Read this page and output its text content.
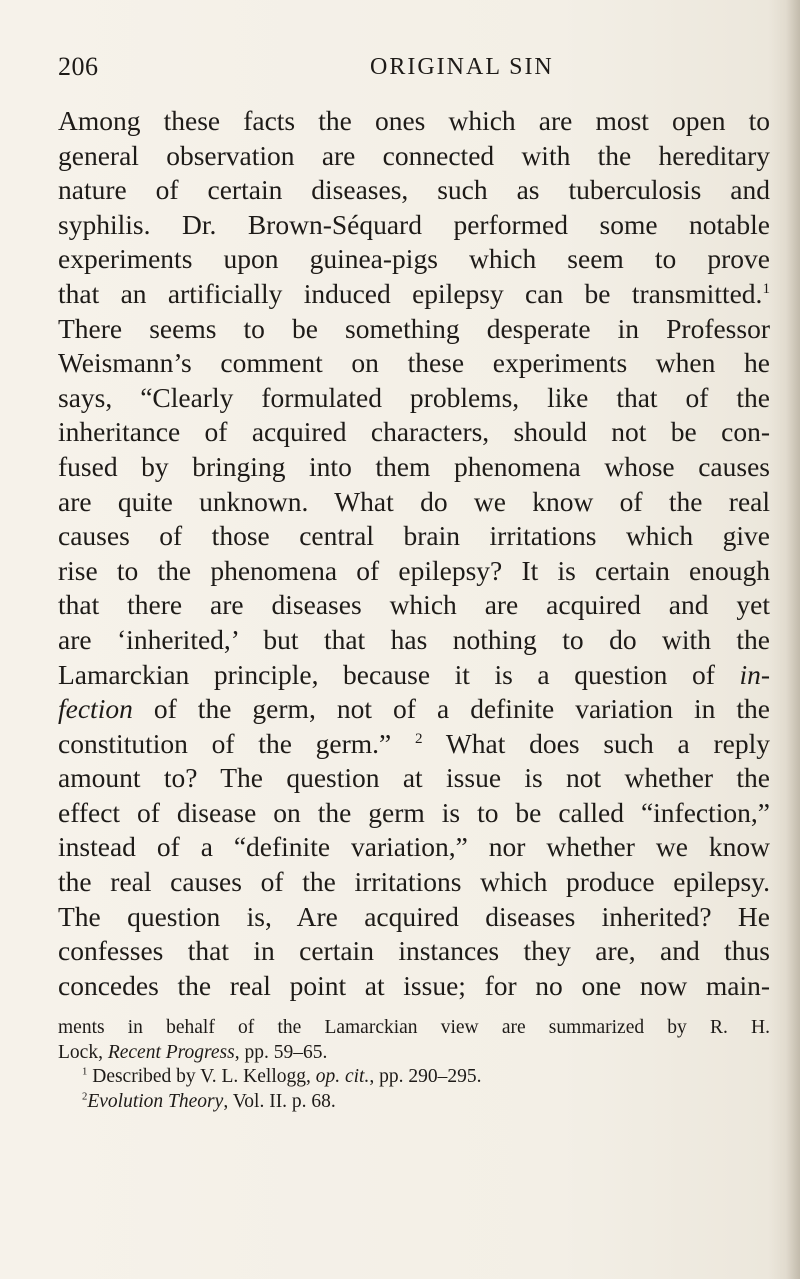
206	ORIGINAL SIN
Among these facts the ones which are most open to
general observation are connected with the hereditary
nature of certain diseases, such as tuberculosis and
syphilis. Dr. Brown-Séquard performed some notable
experiments upon guinea-pigs which seem to prove
that an artificially induced epilepsy can be transmitted.$^1$
There seems to be something desperate in Professor
Weismann’s comment on these experiments when he
says, “Clearly formulated problems, like that of the
inheritance of acquired characters, should not be con-
fused by bringing into them phenomena whose causes
are quite unknown. What do we know of the real
causes of those central brain irritations which give
rise to the phenomena of epilepsy? It is certain enough
that there are diseases which are acquired and yet
are ‘inherited,’ but that has nothing to do with the
Lamarckian principle, because it is a question of in-
fection of the germ, not of a definite variation in the
constitution of the germ.” $^2$ What does such a reply
amount to? The question at issue is not whether the
effect of disease on the germ is to be called “infection,”
instead of a “definite variation,” nor whether we know
the real causes of the irritations which produce epilepsy.
The question is, Are acquired diseases inherited? He
confesses that in certain instances they are, and thus
concedes the real point at issue; for no one now main-
ments in behalf of the Lamarckian view are summarized by R. H.
Lock, Recent Progress, pp. 59–65.
$^1$ Described by V. L. Kellogg, op. cit., pp. 290–295.
$^2$Evolution Theory, Vol. II. p. 68.
